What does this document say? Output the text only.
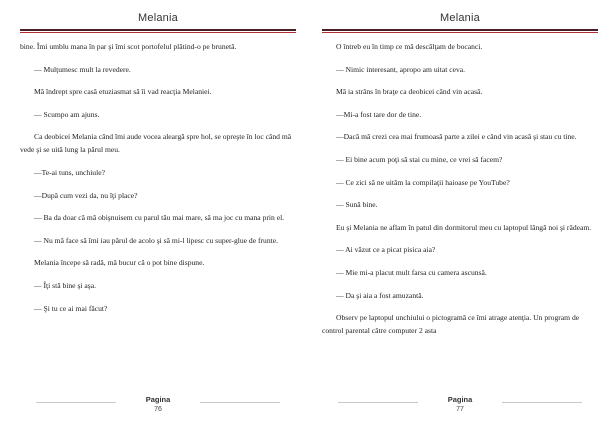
Melania

bine. Îmi umblu mana în par şi îmi scot portofelul plătind-o pe brunetă.

— Mulţumesc mult la revedere.

Mă îndrept spre casă etuziasmat să îi vad reacţia Melaniei.

— Scumpo am ajuns.

Ca deobicei Melania când îmi aude vocea aleargă spre hol, se opreşte în loc când mă vede şi se uită lung la părul meu.

—Te-ai tuns, unchiule?

—După cum vezi da, nu îţi place?

— Ba da doar că mă obişnuisem cu parul tău mai mare, să ma joc cu mana prin el.

— Nu mă face să îmi iau părul de acolo şi să mi-l lipesc cu super-glue de frunte.

Melania începe să radă, mă bucur că o pot bine dispune.

— Îţi stă bine şi aşa.

— Şi tu ce ai mai făcut?

Pagina
76
Melania

O întreb eu în timp ce mă descălţam de bocanci.

— Nimic interesant, apropo am uitat ceva.

Mă ia strâns în braţe ca deobicei când vin acasă.

—Mi-a fost tare dor de tine.

—Dacă mă crezi cea mai frumoasă parte a zilei e când vin acasă şi stau cu tine.

— Ei bine acum poţi să stai cu mine, ce vrei să facem?

— Ce zici să ne uităm la compilaţii haioase pe YouTube?

— Sună bine.

Eu şi Melania ne aflam în patul din dormitorul meu cu laptopul lângă noi şi râdeam.

— Ai văzut ce a picat pisica aia?

— Mie mi-a placut mult farsa cu camera ascunsă.

— Da şi aia a fost amuzantă.

Observ pe laptopul unchiului o pictogramă ce îmi atrage atenţia. Un program de control parental către computer 2 asta

Pagina
77
